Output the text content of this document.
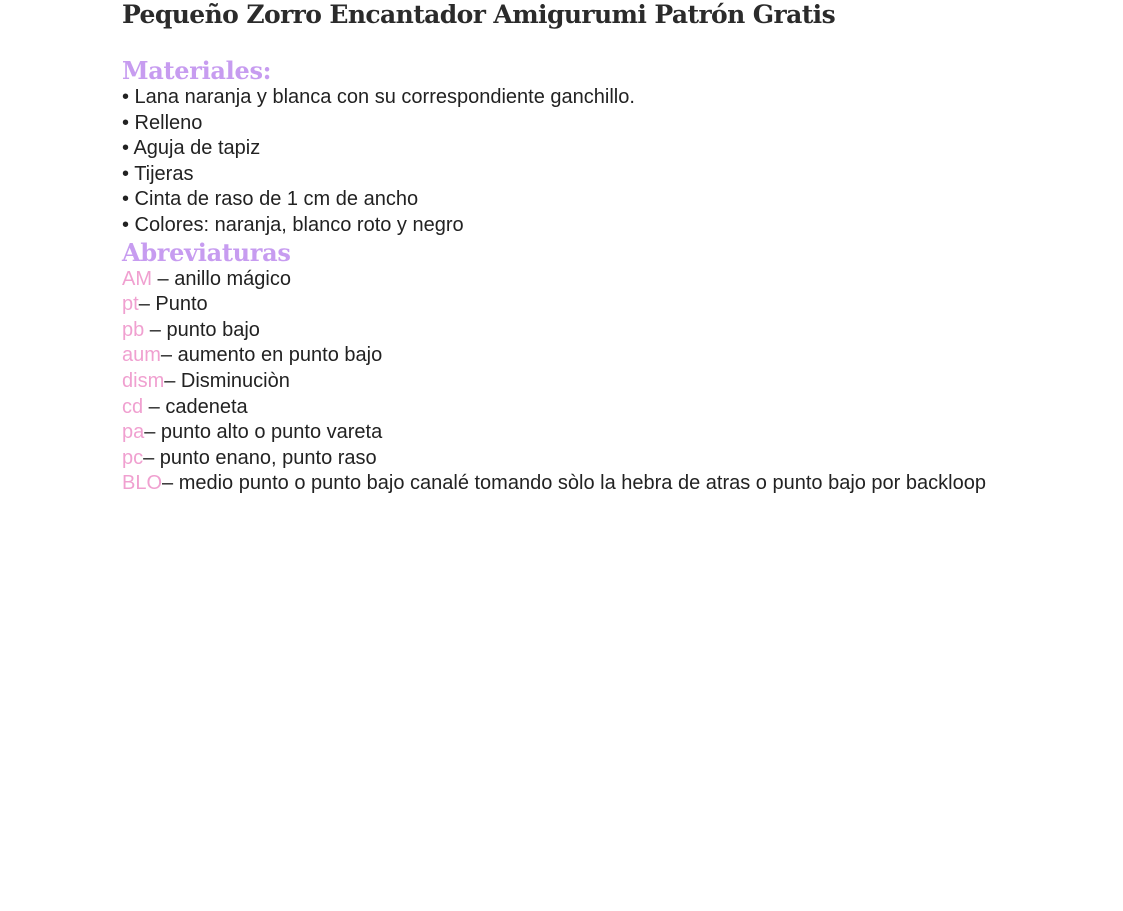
Pequeño Zorro Encantador Amigurumi Patrón Gratis
Materiales:
• Lana naranja y blanca con su correspondiente ganchillo.
• Relleno
• Aguja de tapiz
• Tijeras
• Cinta de raso de 1 cm de ancho
• Colores: naranja, blanco roto y negro
Abreviaturas
AM – anillo mágico
pt– Punto
pb – punto bajo
aum– aumento en punto bajo
dism– Disminuciòn
cd – cadeneta
pa– punto alto o punto vareta
pc– punto enano, punto raso
BLO– medio punto o punto bajo canalé tomando sòlo la hebra de atras o punto bajo por backloop
